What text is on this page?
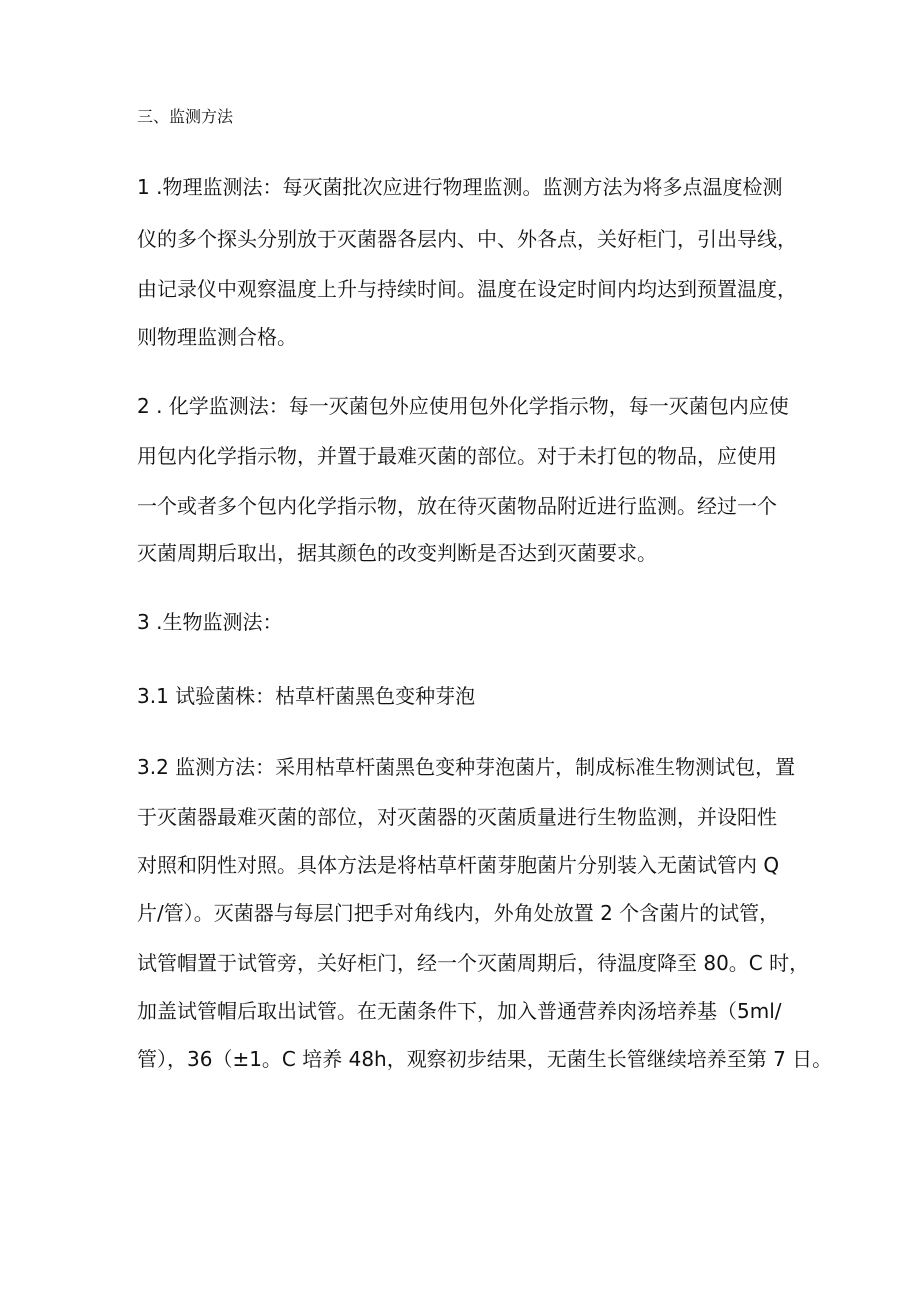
三、监测方法
1 .物理监测法：每灭菌批次应进行物理监测。监测方法为将多点温度检测
仪的多个探头分别放于灭菌器各层内、中、外各点，关好柜门，引出导线，
由记录仪中观察温度上升与持续时间。温度在设定时间内均达到预置温度，
则物理监测合格。
2 . 化学监测法：每一灭菌包外应使用包外化学指示物，每一灭菌包内应使
用包内化学指示物，并置于最难灭菌的部位。对于未打包的物品，应使用
一个或者多个包内化学指示物，放在待灭菌物品附近进行监测。经过一个
灭菌周期后取出，据其颜色的改变判断是否达到灭菌要求。
3 .生物监测法：
3.1 试验菌株：枯草杆菌黑色变种芽泡
3.2 监测方法：采用枯草杆菌黑色变种芽泡菌片，制成标准生物测试包，置
于灭菌器最难灭菌的部位，对灭菌器的灭菌质量进行生物监测，并设阳性
对照和阴性对照。具体方法是将枯草杆菌芽胞菌片分别装入无菌试管内 Q
片/管）。灭菌器与每层门把手对角线内，外角处放置 2 个含菌片的试管，
试管帽置于试管旁，关好柜门，经一个灭菌周期后，待温度降至 80。C 时，
加盖试管帽后取出试管。在无菌条件下，加入普通营养肉汤培养基（5ml/
管），36（±1。C 培养 48h，观察初步结果，无菌生长管继续培养至第 7 日。
